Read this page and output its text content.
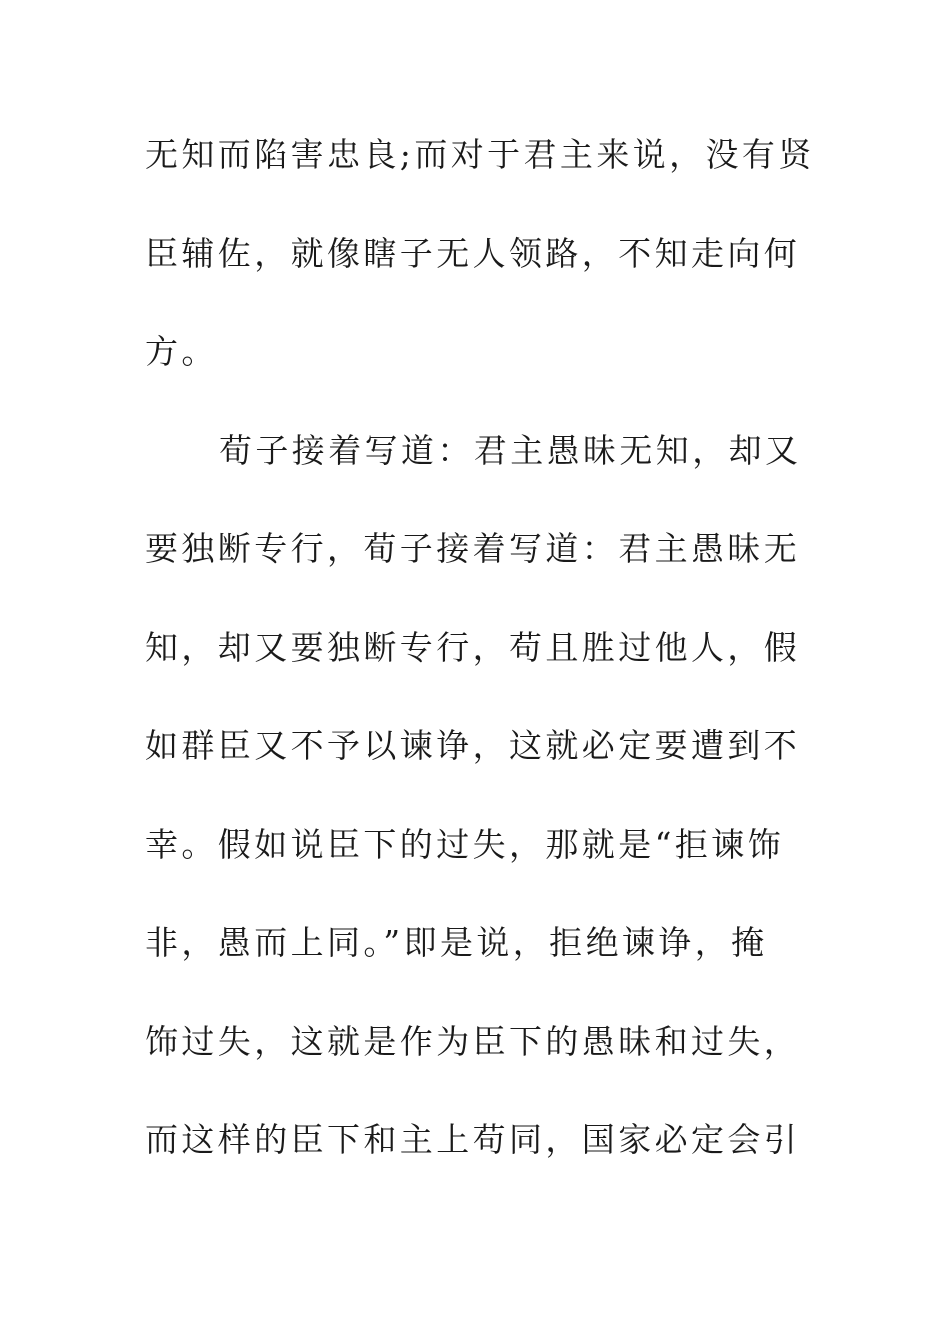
无知而陷害忠良;而对于君主来说，没有贤
臣辅佐，就像瞎子无人领路，不知走向何
方。
荀子接着写道：君主愚昧无知，却又
要独断专行，荀子接着写道：君主愚昧无
知，却又要独断专行，苟且胜过他人，假
如群臣又不予以谏诤，这就必定要遭到不
幸。假如说臣下的过失，那就是“拒谏饰
非，愚而上同。”即是说，拒绝谏诤，掩
饰过失，这就是作为臣下的愚昧和过失，
而这样的臣下和主上苟同，国家必定会引
